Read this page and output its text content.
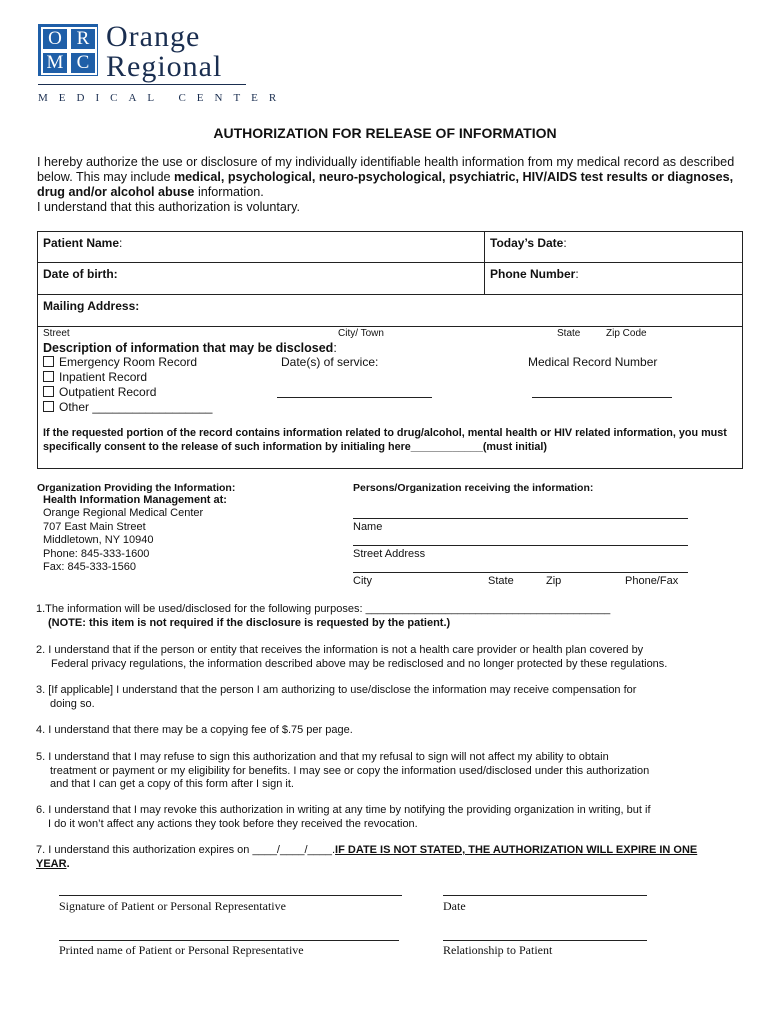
O R
M C
Orange
Regional
MEDICAL CENTER
AUTHORIZATION FOR RELEASE OF INFORMATION
I hereby authorize the use or disclosure of my individually identifiable health information from my medical record as described below. This may include medical, psychological, neuro-psychological, psychiatric, HIV/AIDS test results or diagnoses, drug and/or alcohol abuse information.
I understand that this authorization is voluntary.
Patient Name:	Today’s Date:
Date of birth:	Phone Number:
Mailing Address:
Street	City/ Town	State	Zip Code
Description of information that may be disclosed:
Emergency Room Record
Inpatient Record
Outpatient Record
Other __________________
Date(s) of service:	Medical Record Number
If the requested portion of the record contains information related to drug/alcohol, mental health or HIV related information, you must specifically consent to the release of such information by initialing here____________(must initial)
Organization Providing the Information:
Health Information Management at:
Orange Regional Medical Center
707 East Main Street
Middletown, NY 10940
Phone: 845-333-1600
Fax: 845-333-1560
Persons/Organization receiving the information:
Name
Street Address
City	State	Zip	Phone/Fax
1.The information will be used/disclosed for the following purposes: ________________________________________
(NOTE: this item is not required if the disclosure is requested by the patient.)
2. I understand that if the person or entity that receives the information is not a health care provider or health plan covered by
Federal privacy regulations, the information described above may be redisclosed and no longer protected by these regulations.
3. [If applicable] I understand that the person I am authorizing to use/disclose the information may receive compensation for
doing so.
4. I understand that there may be a copying fee of $.75 per page.
5. I understand that I may refuse to sign this authorization and that my refusal to sign will not affect my ability to obtain
treatment or payment or my eligibility for benefits. I may see or copy the information used/disclosed under this authorization
and that I can get a copy of this form after I sign it.
6. I understand that I may revoke this authorization in writing at any time by notifying the providing organization in writing, but if
I do it won’t affect any actions they took before they received the revocation.
7. I understand this authorization expires on ____/____/____.IF DATE IS NOT STATED, THE AUTHORIZATION WILL EXPIRE IN ONE
YEAR.
Signature of Patient or Personal Representative	Date
Printed name of Patient or Personal Representative	Relationship to Patient
